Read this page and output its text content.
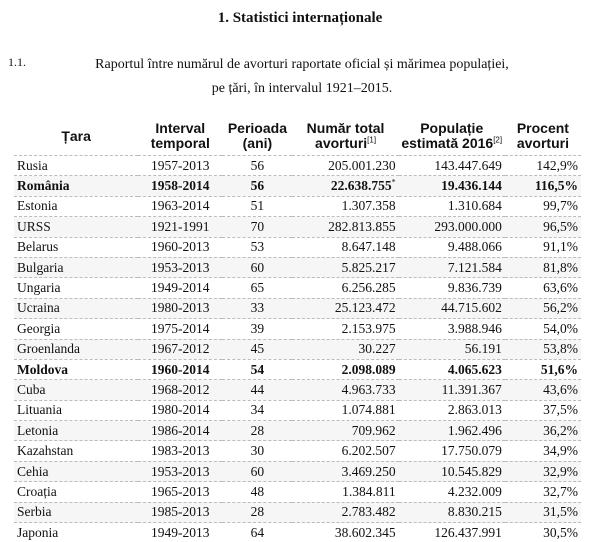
1. Statistici internaționale
1.1.	Raportul între numărul de avorturi raportate oficial și mărimea populației,
pe țări, în intervalul 1921–2015.
Țara	Interval temporal	Perioada (ani)	Număr total avorturi[1]	Populație estimată 2016[2]	Procent avorturi
Rusia	1957-2013	56	205.001.230	143.447.649	142,9%
România	1958-2014	56	22.638.755*	19.436.144	116,5%
Estonia	1963-2014	51	1.307.358	1.310.684	99,7%
URSS	1921-1991	70	282.813.855	293.000.000	96,5%
Belarus	1960-2013	53	8.647.148	9.488.066	91,1%
Bulgaria	1953-2013	60	5.825.217	7.121.584	81,8%
Ungaria	1949-2014	65	6.256.285	9.836.739	63,6%
Ucraina	1980-2013	33	25.123.472	44.715.602	56,2%
Georgia	1975-2014	39	2.153.975	3.988.946	54,0%
Groenlanda	1967-2012	45	30.227	56.191	53,8%
Moldova	1960-2014	54	2.098.089	4.065.623	51,6%
Cuba	1968-2012	44	4.963.733	11.391.367	43,6%
Lituania	1980-2014	34	1.074.881	2.863.013	37,5%
Letonia	1986-2014	28	709.962	1.962.496	36,2%
Kazahstan	1983-2013	30	6.202.507	17.750.079	34,9%
Cehia	1953-2013	60	3.469.250	10.545.829	32,9%
Croația	1965-2013	48	1.384.811	4.232.009	32,7%
Serbia	1985-2013	28	2.783.482	8.830.215	31,5%
Japonia	1949-2013	64	38.602.345	126.437.991	30,5%
